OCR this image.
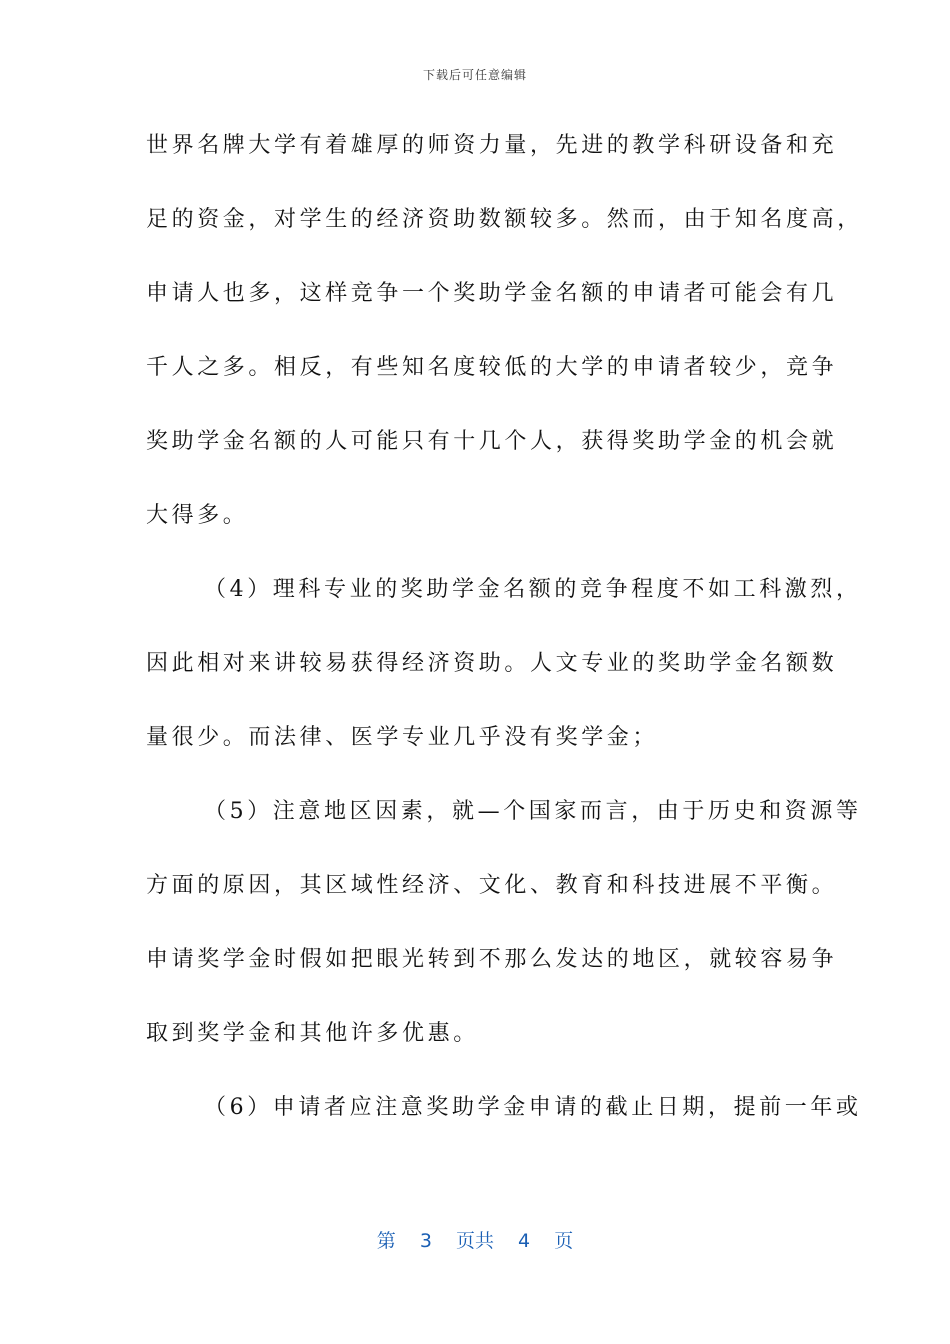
下载后可任意编辑
世界名牌大学有着雄厚的师资力量，先进的教学科研设备和充
足的资金，对学生的经济资助数额较多。然而，由于知名度高，
申请人也多，这样竞争一个奖助学金名额的申请者可能会有几
千人之多。相反，有些知名度较低的大学的申请者较少，竞争
奖助学金名额的人可能只有十几个人，获得奖助学金的机会就
大得多。
（4）理科专业的奖助学金名额的竞争程度不如工科激烈，
因此相对来讲较易获得经济资助。人文专业的奖助学金名额数
量很少。而法律、医学专业几乎没有奖学金；
（5）注意地区因素，就—个国家而言，由于历史和资源等
方面的原因，其区域性经济、文化、教育和科技进展不平衡。
申请奖学金时假如把眼光转到不那么发达的地区，就较容易争
取到奖学金和其他许多优惠。
（6）申请者应注意奖助学金申请的截止日期，提前一年或
第 3 页共 4 页
